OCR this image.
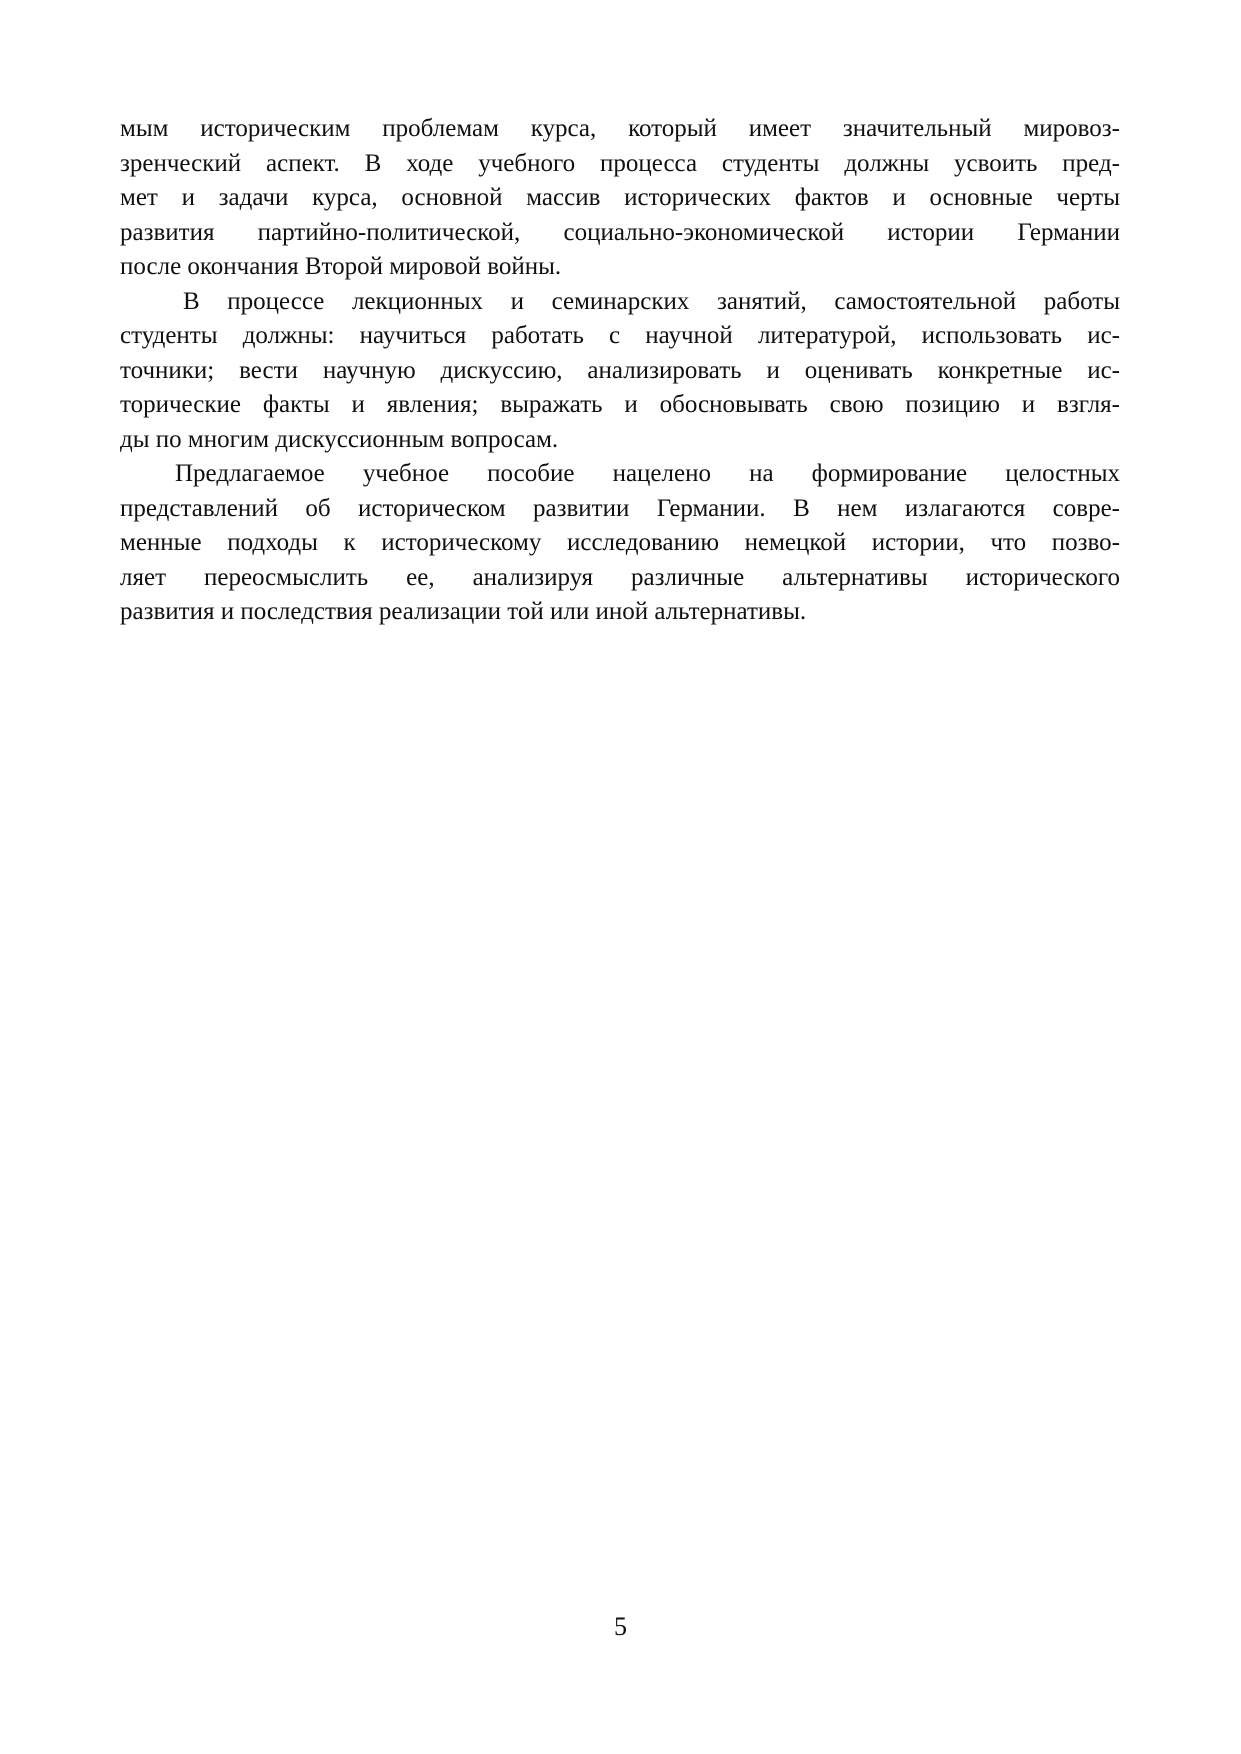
мым историческим проблемам курса, который имеет значительный мировоз-
зренческий аспект. В ходе учебного процесса студенты должны усвоить пред-
мет и задачи курса, основной массив исторических фактов и основные черты
развития партийно-политической, социально-экономической истории Германии
после окончания Второй мировой войны.
В процессе лекционных и семинарских занятий, самостоятельной работы
студенты должны: научиться работать с научной литературой, использовать ис-
точники; вести научную дискуссию, анализировать и оценивать конкретные ис-
торические факты и явления; выражать и обосновывать свою позицию и взгля-
ды по многим дискуссионным вопросам.
Предлагаемое учебное пособие нацелено на формирование целостных
представлений об историческом развитии Германии. В нем излагаются совре-
менные подходы к историческому исследованию немецкой истории, что позво-
ляет переосмыслить ее, анализируя различные альтернативы исторического
развития и последствия реализации той или иной альтернативы.
5
